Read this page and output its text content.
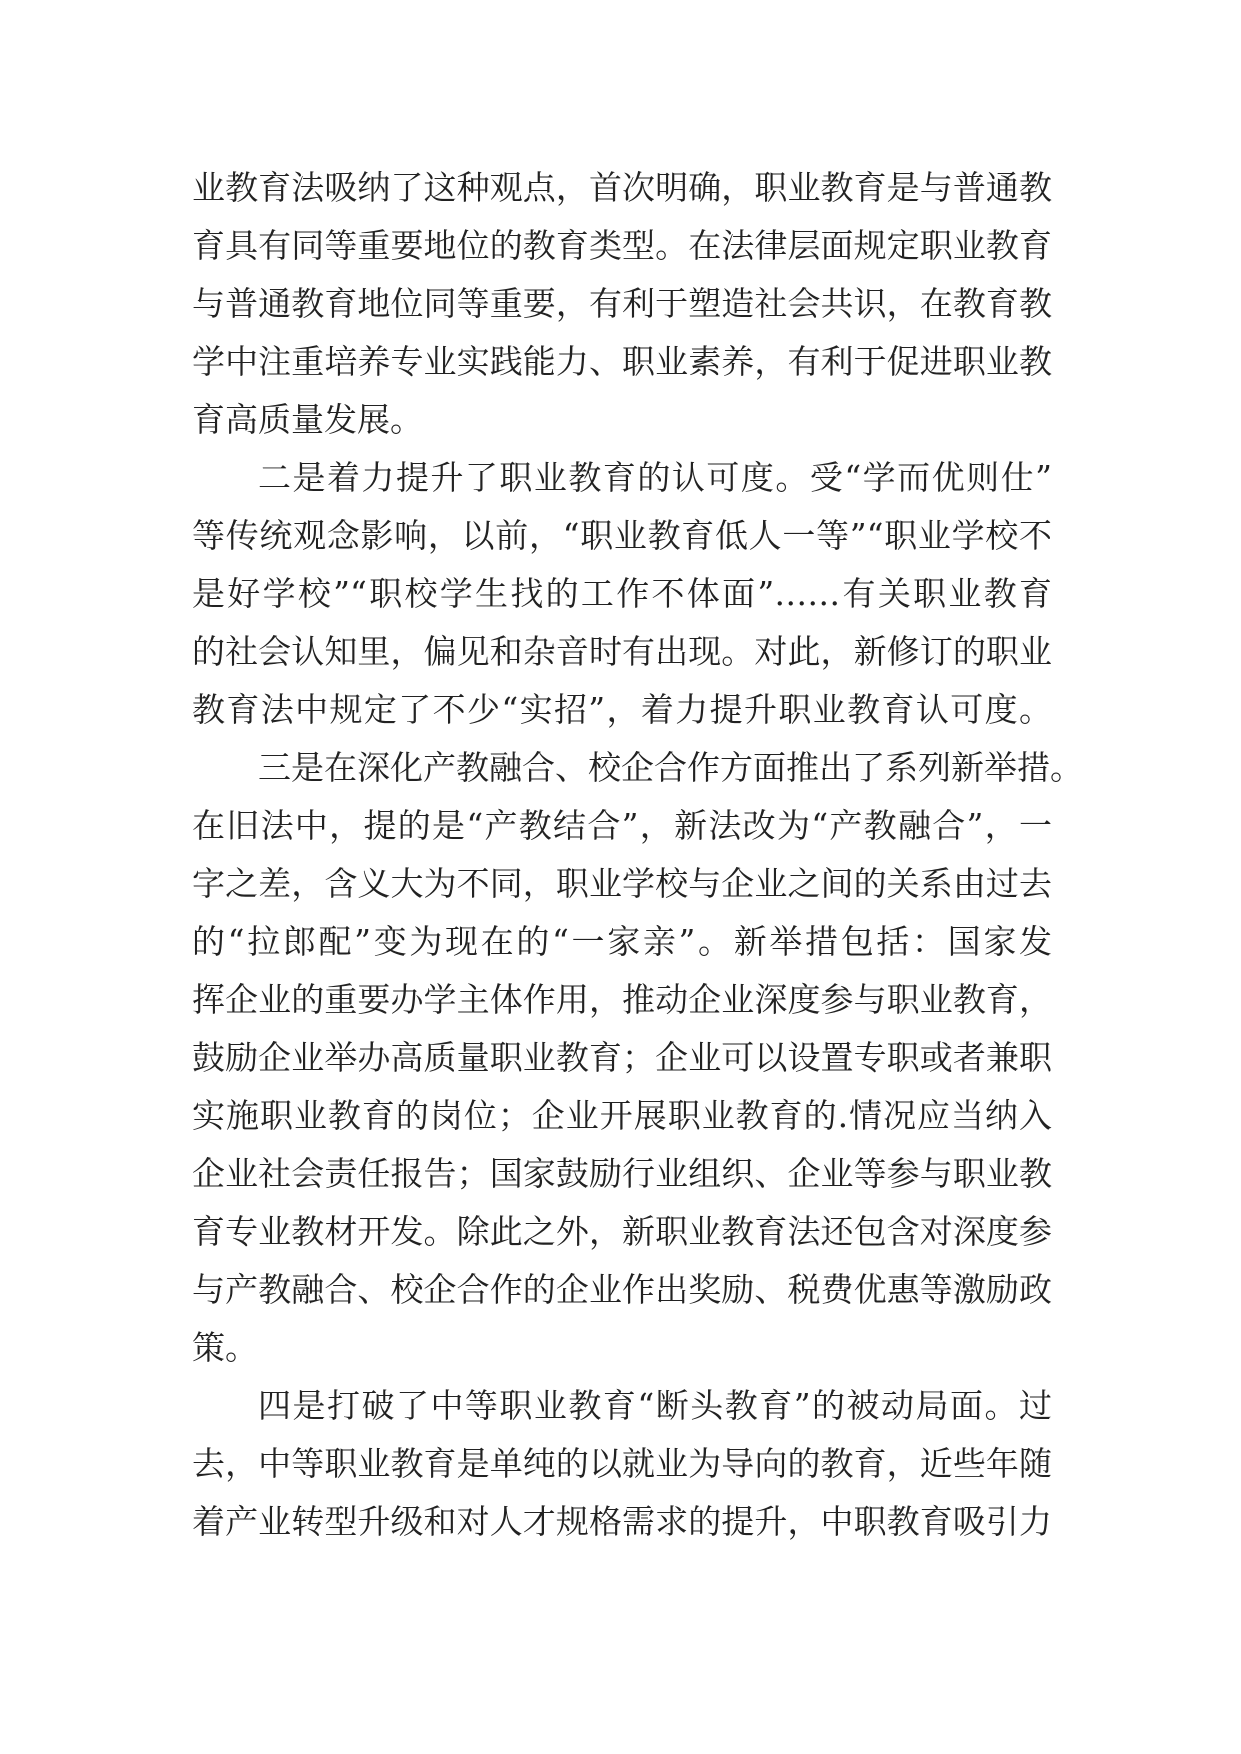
业教育法吸纳了这种观点，首次明确，职业教育是与普通教
育具有同等重要地位的教育类型。在法律层面规定职业教育
与普通教育地位同等重要，有利于塑造社会共识，在教育教
学中注重培养专业实践能力、职业素养，有利于促进职业教
育高质量发展。
二是着力提升了职业教育的认可度。受“学而优则仕”
等传统观念影响，以前，“职业教育低人一等”“职业学校不
是好学校”“职校学生找的工作不体面”……有关职业教育
的社会认知里，偏见和杂音时有出现。对此，新修订的职业
教育法中规定了不少“实招”，着力提升职业教育认可度。
三是在深化产教融合、校企合作方面推出了系列新举措。
在旧法中，提的是“产教结合”，新法改为“产教融合”，一
字之差，含义大为不同，职业学校与企业之间的关系由过去
的“拉郎配”变为现在的“一家亲”。新举措包括：国家发
挥企业的重要办学主体作用，推动企业深度参与职业教育，
鼓励企业举办高质量职业教育；企业可以设置专职或者兼职
实施职业教育的岗位；企业开展职业教育的.情况应当纳入
企业社会责任报告；国家鼓励行业组织、企业等参与职业教
育专业教材开发。除此之外，新职业教育法还包含对深度参
与产教融合、校企合作的企业作出奖励、税费优惠等激励政
策。
四是打破了中等职业教育“断头教育”的被动局面。过
去，中等职业教育是单纯的以就业为导向的教育，近些年随
着产业转型升级和对人才规格需求的提升，中职教育吸引力
